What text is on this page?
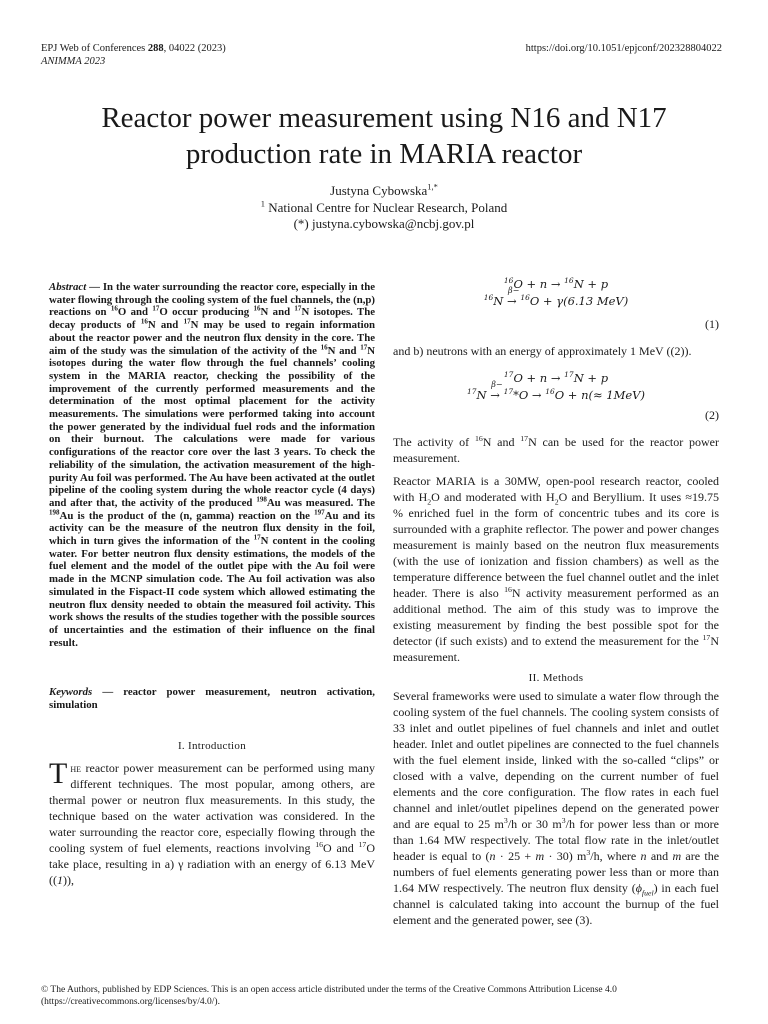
EPJ Web of Conferences 288, 04022 (2023)
ANIMMA 2023
https://doi.org/10.1051/epjconf/202328804022
Reactor power measurement using N16 and N17
production rate in MARIA reactor
Justyna Cybowska$^{1,*}$
$^1$ National Centre for Nuclear Research, Poland
(*) justyna.cybowska@ncbj.gov.pl
Abstract — In the water surrounding the reactor core, especially in the water flowing through the cooling system of the fuel channels, the (n,p) reactions on $^{16}$O and $^{17}$O occur producing $^{16}$N and $^{17}$N isotopes. The decay products of $^{16}$N and $^{17}$N may be used to regain information about the reactor power and the neutron flux density in the core. The aim of the study was the simulation of the activity of the $^{16}$N and $^{17}$N isotopes during the water flow through the fuel channels’ cooling system in the MARIA reactor, checking the possibility of the improvement of the currently performed measurements and the determination of the most optimal placement for the activity measurements. The simulations were performed taking into account the power generated by the individual fuel rods and the information on their burnout. The calculations were made for various configurations of the reactor core over the last 3 years. To check the reliability of the simulation, the activation measurement of the high-purity Au foil was performed. The Au have been activated at the outlet pipeline of the cooling system during the whole reactor cycle (4 days) and after that, the activity of the produced $^{198}$Au was measured. The $^{198}$Au is the product of the (n, gamma) reaction on the $^{197}$Au and its activity can be the measure of the neutron flux density in the foil, which in turn gives the information of the $^{17}$N content in the cooling water. For better neutron flux density estimations, the models of the fuel element and the model of the outlet pipe with the Au foil were made in the MCNP simulation code. The Au foil activation was also simulated in the Fispact-II code system which allowed estimating the neutron flux density needed to obtain the measured foil activity. This work shows the results of the studies together with the possible sources of uncertainties and the estimation of their influence on the final result.
Keywords — reactor power measurement, neutron activation, simulation
I. Introduction
The reactor power measurement can be performed using many different techniques. The most popular, among others, are thermal power or neutron flux measurements. In this study, the technique based on the water activation was considered. In the water surrounding the reactor core, especially flowing through the cooling system of fuel elements, reactions involving $^{16}$O and $^{17}$O take place, resulting in a) γ radiation with an energy of 6.13 MeV ((1)),
$^{16}$O + n → $^{16}$N + p
$^{16}$N
β−
→ $^{16}$O + γ(6.13 MeV)
(1)
and b) neutrons with an energy of approximately 1 MeV ((2)).
$^{17}$O + n → $^{17}$N + p
$^{17}$N
β−
→ $^{17}$*O → $^{16}$O + n(≈ 1MeV)
(2)
The activity of $^{16}$N and $^{17}$N can be used for the reactor power measurement.
Reactor MARIA is a 30MW, open-pool research reactor, cooled with $H_2O$ and moderated with $H_2O$ and Beryllium. It uses ≈19.75 % enriched fuel in the form of concentric tubes and its core is surrounded with a graphite reflector. The power and power changes measurement is mainly based on the neutron flux measurements (with the use of ionization and fission chambers) as well as the temperature difference between the fuel channel outlet and the inlet header. There is also $^{16}$N activity measurement performed as an additional method. The aim of this study was to improve the existing measurement by finding the best possible spot for the detector (if such exists) and to extend the measurement for the $^{17}$N measurement.
II. Methods
Several frameworks were used to simulate a water flow through the cooling system of the fuel channels. The cooling system consists of 33 inlet and outlet pipelines of fuel channels and inlet and outlet header. Inlet and outlet pipelines are connected to the fuel channels with the fuel element inside, linked with the so-called “clips” or closed with a valve, depending on the current number of fuel elements and the core configuration. The flow rates in each fuel channel and inlet/outlet pipelines depend on the generated power and are equal to 25 $m^3/h$ or 30 $m^3/h$ for power less than or more than 1.64 MW respectively. The total flow rate in the inlet/outlet header is equal to (n · 25 + m · 30) $m^3/h$, where n and m are the numbers of fuel elements generating power less than or more than 1.64 MW respectively. The neutron flux density $(\phi_{fuel})$ in each fuel channel is calculated taking into account the burnup of the fuel element and the generated power, see (3).
© The Authors, published by EDP Sciences. This is an open access article distributed under the terms of the Creative Commons Attribution License 4.0
(https://creativecommons.org/licenses/by/4.0/).
